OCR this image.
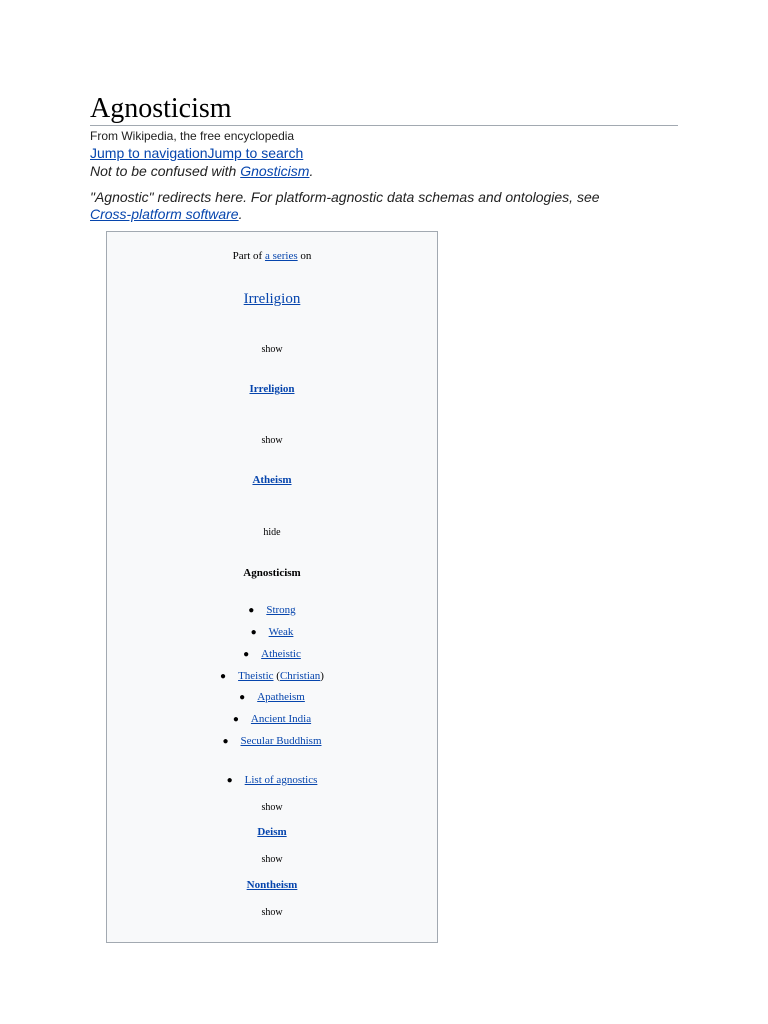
Agnosticism
From Wikipedia, the free encyclopedia
Jump to navigationJump to search
Not to be confused with Gnosticism.
"Agnostic" redirects here. For platform-agnostic data schemas and ontologies, see Cross-platform software.
Part of a series on
Irreligion
show
Irreligion
show
Atheism
hide
Agnosticism
● Strong
● Weak
● Atheistic
● Theistic (Christian)
● Apatheism
● Ancient India
● Secular Buddhism
● List of agnostics
show
Deism
show
Nontheism
show
